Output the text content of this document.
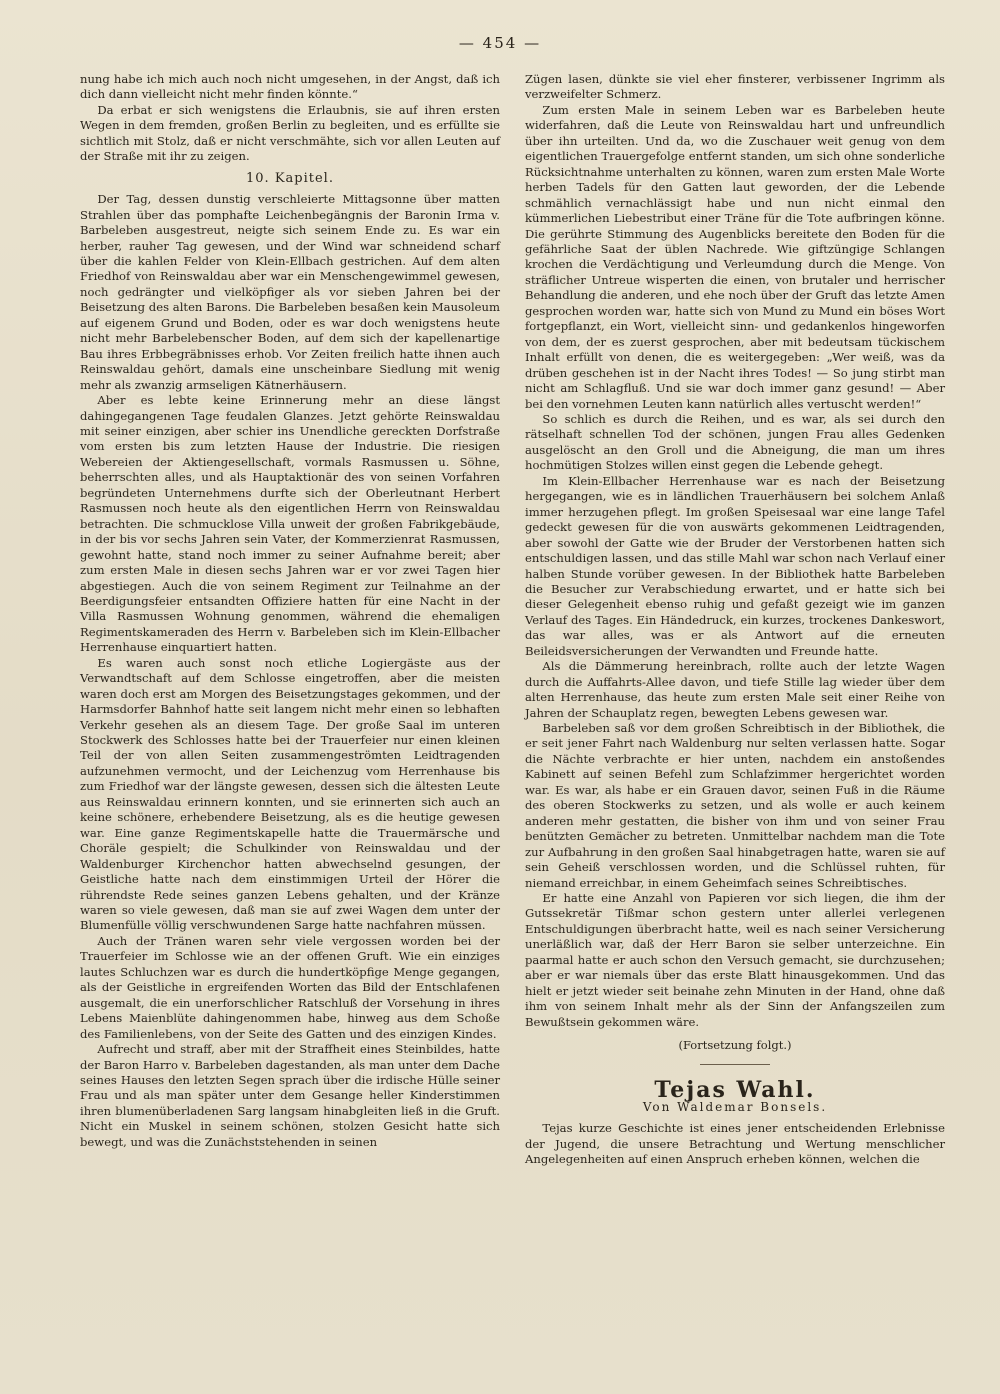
— 454 —

nung habe ich mich auch noch nicht umgesehen, in der Angst, daß ich dich dann vielleicht nicht mehr finden könnte.“

Da erbat er sich wenigstens die Erlaubnis, sie auf ihren ersten Wegen in dem fremden, großen Berlin zu begleiten, und es erfüllte sie sichtlich mit Stolz, daß er nicht verschmähte, sich vor allen Leuten auf der Straße mit ihr zu zeigen.

10. Kapitel.

Der Tag, dessen dunstig verschleierte Mittagsonne über matten Strahlen über das pomphafte Leichenbegängnis der Baronin Irma v. Barbeleben ausgestreut, neigte sich seinem Ende zu. Es war ein herber, rauher Tag gewesen, und der Wind war schneidend scharf über die kahlen Felder von Klein-Ellbach gestrichen. Auf dem alten Friedhof von Reinswaldau aber war ein Menschengewimmel gewesen, noch gedrängter und vielköpfiger als vor sieben Jahren bei der Beisetzung des alten Barons. Die Barbeleben besaßen kein Mausoleum auf eigenem Grund und Boden, oder es war doch wenigstens heute nicht mehr Barbelebenscher Boden, auf dem sich der kapellenartige Bau ihres Erbbegräbnisses erhob. Vor Zeiten freilich hatte ihnen auch Reinswaldau gehört, damals eine unscheinbare Siedlung mit wenig mehr als zwanzig armseligen Kätnerhäusern.

Aber es lebte keine Erinnerung mehr an diese längst dahingegangenen Tage feudalen Glanzes. Jetzt gehörte Reinswaldau mit seiner einzigen, aber schier ins Unendliche gereckten Dorfstraße vom ersten bis zum letzten Hause der Industrie. Die riesigen Webereien der Aktiengesellschaft, vormals Rasmussen u. Söhne, beherrschten alles, und als Hauptaktionär des von seinen Vorfahren begründeten Unternehmens durfte sich der Oberleutnant Herbert Rasmussen noch heute als den eigentlichen Herrn von Reinswaldau betrachten. Die schmucklose Villa unweit der großen Fabrikgebäude, in der bis vor sechs Jahren sein Vater, der Kommerzienrat Rasmussen, gewohnt hatte, stand noch immer zu seiner Aufnahme bereit; aber zum ersten Male in diesen sechs Jahren war er vor zwei Tagen hier abgestiegen. Auch die von seinem Regiment zur Teilnahme an der Beerdigungsfeier entsandten Offiziere hatten für eine Nacht in der Villa Rasmussen Wohnung genommen, während die ehemaligen Regimentskameraden des Herrn v. Barbeleben sich im Klein-Ellbacher Herrenhause einquartiert hatten.

Es waren auch sonst noch etliche Logiergäste aus der Verwandtschaft auf dem Schlosse eingetroffen, aber die meisten waren doch erst am Morgen des Beisetzungstages gekommen, und der Harmsdorfer Bahnhof hatte seit langem nicht mehr einen so lebhaften Verkehr gesehen als an diesem Tage. Der große Saal im unteren Stockwerk des Schlosses hatte bei der Trauerfeier nur einen kleinen Teil der von allen Seiten zusammengeströmten Leidtragenden aufzunehmen vermocht, und der Leichenzug vom Herrenhause bis zum Friedhof war der längste gewesen, dessen sich die ältesten Leute aus Reinswaldau erinnern konnten, und sie erinnerten sich auch an keine schönere, erhebendere Beisetzung, als es die heutige gewesen war. Eine ganze Regimentskapelle hatte die Trauermärsche und Choräle gespielt; die Schulkinder von Reinswaldau und der Waldenburger Kirchenchor hatten abwechselnd gesungen, der Geistliche hatte nach dem einstimmigen Urteil der Hörer die rührendste Rede seines ganzen Lebens gehalten, und der Kränze waren so viele gewesen, daß man sie auf zwei Wagen dem unter der Blumenfülle völlig verschwundenen Sarge hatte nachfahren müssen.

Auch der Tränen waren sehr viele vergossen worden bei der Trauerfeier im Schlosse wie an der offenen Gruft. Wie ein einziges lautes Schluchzen war es durch die hundertköpfige Menge gegangen, als der Geistliche in ergreifenden Worten das Bild der Entschlafenen ausgemalt, die ein unerforschlicher Ratschluß der Vorsehung in ihres Lebens Maienblüte dahingenommen habe, hinweg aus dem Schoße des Familienlebens, von der Seite des Gatten und des einzigen Kindes.

Aufrecht und straff, aber mit der Straffheit eines Steinbildes, hatte der Baron Harro v. Barbeleben dagestanden, als man unter dem Dache seines Hauses den letzten Segen sprach über die irdische Hülle seiner Frau und als man später unter dem Gesange heller Kinderstimmen ihren blumenüberladenen Sarg langsam hinabgleiten ließ in die Gruft. Nicht ein Muskel in seinem schönen, stolzen Gesicht hatte sich bewegt, und was die Zunächststehenden in seinen

Zügen lasen, dünkte sie viel eher finsterer, verbissener Ingrimm als verzweifelter Schmerz.

Zum ersten Male in seinem Leben war es Barbeleben heute widerfahren, daß die Leute von Reinswaldau hart und unfreundlich über ihn urteilten. Und da, wo die Zuschauer weit genug von dem eigentlichen Trauergefolge entfernt standen, um sich ohne sonderliche Rücksichtnahme unterhalten zu können, waren zum ersten Male Worte herben Tadels für den Gatten laut geworden, der die Lebende schmählich vernachlässigt habe und nun nicht einmal den kümmerlichen Liebestribut einer Träne für die Tote aufbringen könne. Die gerührte Stimmung des Augenblicks bereitete den Boden für die gefährliche Saat der üblen Nachrede. Wie giftzüngige Schlangen krochen die Verdächtigung und Verleumdung durch die Menge. Von sträflicher Untreue wisperten die einen, von brutaler und herrischer Behandlung die anderen, und ehe noch über der Gruft das letzte Amen gesprochen worden war, hatte sich von Mund zu Mund ein böses Wort fortgepflanzt, ein Wort, vielleicht sinn- und gedankenlos hingeworfen von dem, der es zuerst gesprochen, aber mit bedeutsam tückischem Inhalt erfüllt von denen, die es weitergegeben: „Wer weiß, was da drüben geschehen ist in der Nacht ihres Todes! — So jung stirbt man nicht am Schlagfluß. Und sie war doch immer ganz gesund! — Aber bei den vornehmen Leuten kann natürlich alles vertuscht werden!“

So schlich es durch die Reihen, und es war, als sei durch den rätselhaft schnellen Tod der schönen, jungen Frau alles Gedenken ausgelöscht an den Groll und die Abneigung, die man um ihres hochmütigen Stolzes willen einst gegen die Lebende gehegt.

Im Klein-Ellbacher Herrenhause war es nach der Beisetzung hergegangen, wie es in ländlichen Trauerhäusern bei solchem Anlaß immer herzugehen pflegt. Im großen Speisesaal war eine lange Tafel gedeckt gewesen für die von auswärts gekommenen Leidtragenden, aber sowohl der Gatte wie der Bruder der Verstorbenen hatten sich entschuldigen lassen, und das stille Mahl war schon nach Verlauf einer halben Stunde vorüber gewesen. In der Bibliothek hatte Barbeleben die Besucher zur Verabschiedung erwartet, und er hatte sich bei dieser Gelegenheit ebenso ruhig und gefaßt gezeigt wie im ganzen Verlauf des Tages. Ein Händedruck, ein kurzes, trockenes Dankeswort, das war alles, was er als Antwort auf die erneuten Beileidsversicherungen der Verwandten und Freunde hatte.

Als die Dämmerung hereinbrach, rollte auch der letzte Wagen durch die Auffahrts-Allee davon, und tiefe Stille lag wieder über dem alten Herrenhause, das heute zum ersten Male seit einer Reihe von Jahren der Schauplatz regen, bewegten Lebens gewesen war.

Barbeleben saß vor dem großen Schreibtisch in der Bibliothek, die er seit jener Fahrt nach Waldenburg nur selten verlassen hatte. Sogar die Nächte verbrachte er hier unten, nachdem ein anstoßendes Kabinett auf seinen Befehl zum Schlafzimmer hergerichtet worden war. Es war, als habe er ein Grauen davor, seinen Fuß in die Räume des oberen Stockwerks zu setzen, und als wolle er auch keinem anderen mehr gestatten, die bisher von ihm und von seiner Frau benützten Gemächer zu betreten. Unmittelbar nachdem man die Tote zur Aufbahrung in den großen Saal hinabgetragen hatte, waren sie auf sein Geheiß verschlossen worden, und die Schlüssel ruhten, für niemand erreichbar, in einem Geheimfach seines Schreibtisches.

Er hatte eine Anzahl von Papieren vor sich liegen, die ihm der Gutssekretär Tißmar schon gestern unter allerlei verlegenen Entschuldigungen überbracht hatte, weil es nach seiner Versicherung unerläßlich war, daß der Herr Baron sie selber unterzeichne. Ein paarmal hatte er auch schon den Versuch gemacht, sie durchzusehen; aber er war niemals über das erste Blatt hinausgekommen. Und das hielt er jetzt wieder seit beinahe zehn Minuten in der Hand, ohne daß ihm von seinem Inhalt mehr als der Sinn der Anfangszeilen zum Bewußtsein gekommen wäre.

(Fortsetzung folgt.)
Tejas Wahl.
Von Waldemar Bonsels.

Tejas kurze Geschichte ist eines jener entscheidenden Erlebnisse der Jugend, die unsere Betrachtung und Wertung menschlicher Angelegenheiten auf einen Anspruch erheben können, welchen die
